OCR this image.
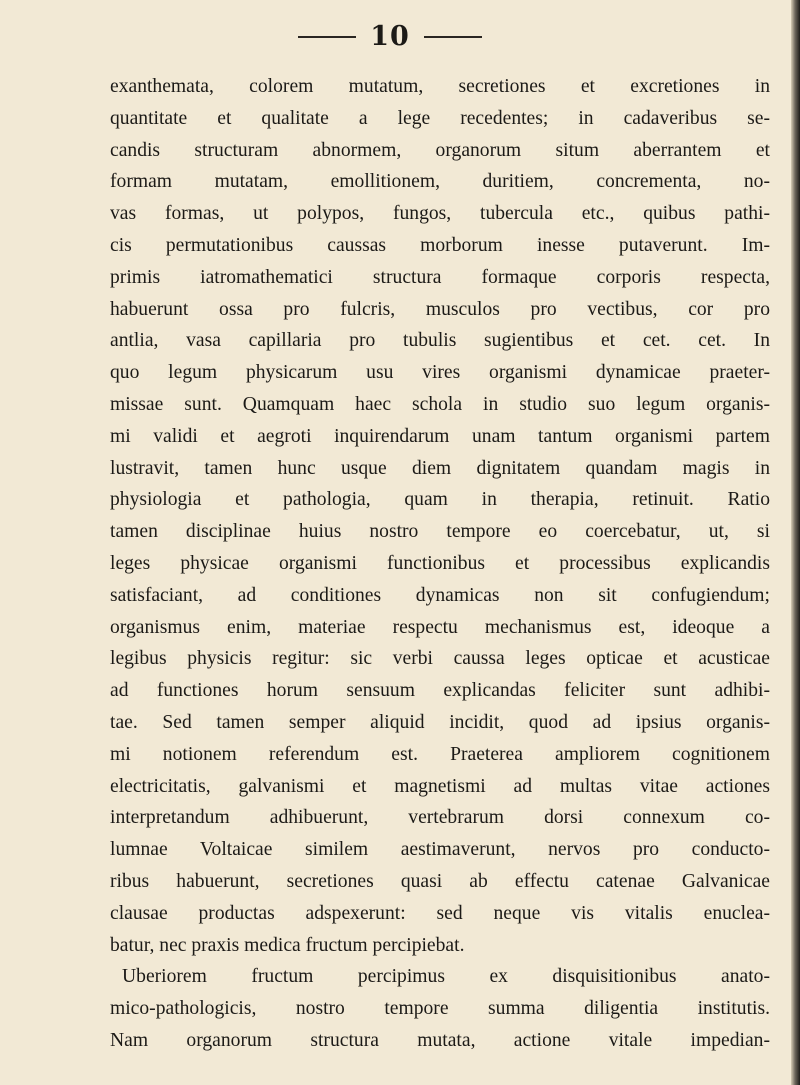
10
exanthemata, colorem mutatum, secretiones et excretiones in
quantitate et qualitate a lege recedentes; in cadaveribus se-
candis structuram abnormem, organorum situm aberrantem et
formam mutatam, emollitionem, duritiem, concrementa, no-
vas formas, ut polypos, fungos, tubercula etc., quibus pathi-
cis permutationibus caussas morborum inesse putaverunt. Im-
primis iatromathematici structura formaque corporis respecta,
habuerunt ossa pro fulcris, musculos pro vectibus, cor pro
antlia, vasa capillaria pro tubulis sugientibus et cet. cet. In
quo legum physicarum usu vires organismi dynamicae praeter-
missae sunt. Quamquam haec schola in studio suo legum organis-
mi validi et aegroti inquirendarum unam tantum organismi partem
lustravit, tamen hunc usque diem dignitatem quandam magis in
physiologia et pathologia, quam in therapia, retinuit. Ratio
tamen disciplinae huius nostro tempore eo coercebatur, ut, si
leges physicae organismi functionibus et processibus explicandis
satisfaciant, ad conditiones dynamicas non sit confugiendum;
organismus enim, materiae respectu mechanismus est, ideoque a
legibus physicis regitur: sic verbi caussa leges opticae et acusticae
ad functiones horum sensuum explicandas feliciter sunt adhibi-
tae. Sed tamen semper aliquid incidit, quod ad ipsius organis-
mi notionem referendum est. Praeterea ampliorem cognitionem
electricitatis, galvanismi et magnetismi ad multas vitae actiones
interpretandum adhibuerunt, vertebrarum dorsi connexum co-
lumnae Voltaicae similem aestimaverunt, nervos pro conducto-
ribus habuerunt, secretiones quasi ab effectu catenae Galvanicae
clausae productas adspexerunt: sed neque vis vitalis enuclea-
batur, nec praxis medica fructum percipiebat.
Uberiorem fructum percipimus ex disquisitionibus anato-
mico-pathologicis, nostro tempore summa diligentia institutis.
Nam organorum structura mutata, actione vitale impedian-
